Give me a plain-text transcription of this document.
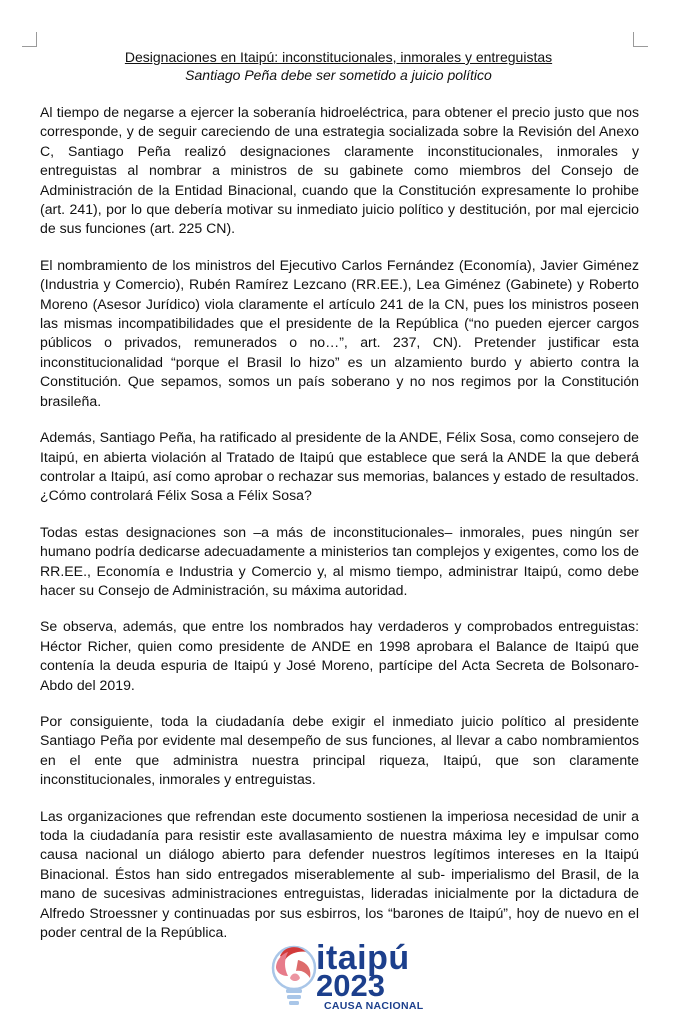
Designaciones en Itaipú: inconstitucionales, inmorales y entreguistas
Santiago Peña debe ser sometido a juicio político

Al tiempo de negarse a ejercer la soberanía hidroeléctrica, para obtener el precio justo que nos corresponde, y de seguir careciendo de una estrategia socializada sobre la Revisión del Anexo C, Santiago Peña realizó designaciones claramente inconstitucionales, inmorales y entreguistas al nombrar a ministros de su gabinete como miembros del Consejo de Administración de la Entidad Binacional, cuando que la Constitución expresamente lo prohibe (art. 241), por lo que debería motivar su inmediato juicio político y destitución, por mal ejercicio de sus funciones (art. 225 CN).

El nombramiento de los ministros del Ejecutivo Carlos Fernández (Economía), Javier Giménez (Industria y Comercio), Rubén Ramírez Lezcano (RR.EE.), Lea Giménez (Gabinete) y Roberto Moreno (Asesor Jurídico) viola claramente el artículo 241 de la CN, pues los ministros poseen las mismas incompatibilidades que el presidente de la República (“no pueden ejercer cargos públicos o privados, remunerados o no…”, art. 237, CN). Pretender justificar esta inconstitucionalidad “porque el Brasil lo hizo” es un alzamiento burdo y abierto contra la Constitución. Que sepamos, somos un país soberano y no nos regimos por la Constitución brasileña.

Además, Santiago Peña, ha ratificado al presidente de la ANDE, Félix Sosa, como consejero de Itaipú, en abierta violación al Tratado de Itaipú que establece que será la ANDE la que deberá controlar a Itaipú, así como aprobar o rechazar sus memorias, balances y estado de resultados. ¿Cómo controlará Félix Sosa a Félix Sosa?

Todas estas designaciones son –a más de inconstitucionales– inmorales, pues ningún ser humano podría dedicarse adecuadamente a ministerios tan complejos y exigentes, como los de RR.EE., Economía e Industria y Comercio y, al mismo tiempo, administrar Itaipú, como debe hacer su Consejo de Administración, su máxima autoridad.

Se observa, además, que entre los nombrados hay verdaderos y comprobados entreguistas: Héctor Richer, quien como presidente de ANDE en 1998 aprobara el Balance de Itaipú que contenía la deuda espuria de Itaipú y José Moreno, partícipe del Acta Secreta de Bolsonaro-Abdo del 2019.

Por consiguiente, toda la ciudadanía debe exigir el inmediato juicio político al presidente Santiago Peña por evidente mal desempeño de sus funciones, al llevar a cabo nombramientos en el ente que administra nuestra principal riqueza, Itaipú, que son claramente inconstitucionales, inmorales y entreguistas.

Las organizaciones que refrendan este documento sostienen la imperiosa necesidad de unir a toda la ciudadanía para resistir este avallasamiento de nuestra máxima ley e impulsar como causa nacional un diálogo abierto para defender nuestros legítimos intereses en la Itaipú Binacional. Éstos han sido entregados miserablemente al sub- imperialismo del Brasil, de la mano de sucesivas administraciones entreguistas, lideradas inicialmente por la dictadura de Alfredo Stroessner y continuadas por sus esbirros, los “barones de Itaipú”, hoy de nuevo en el poder central de la República.

itaipú
2023
CAUSA NACIONAL
